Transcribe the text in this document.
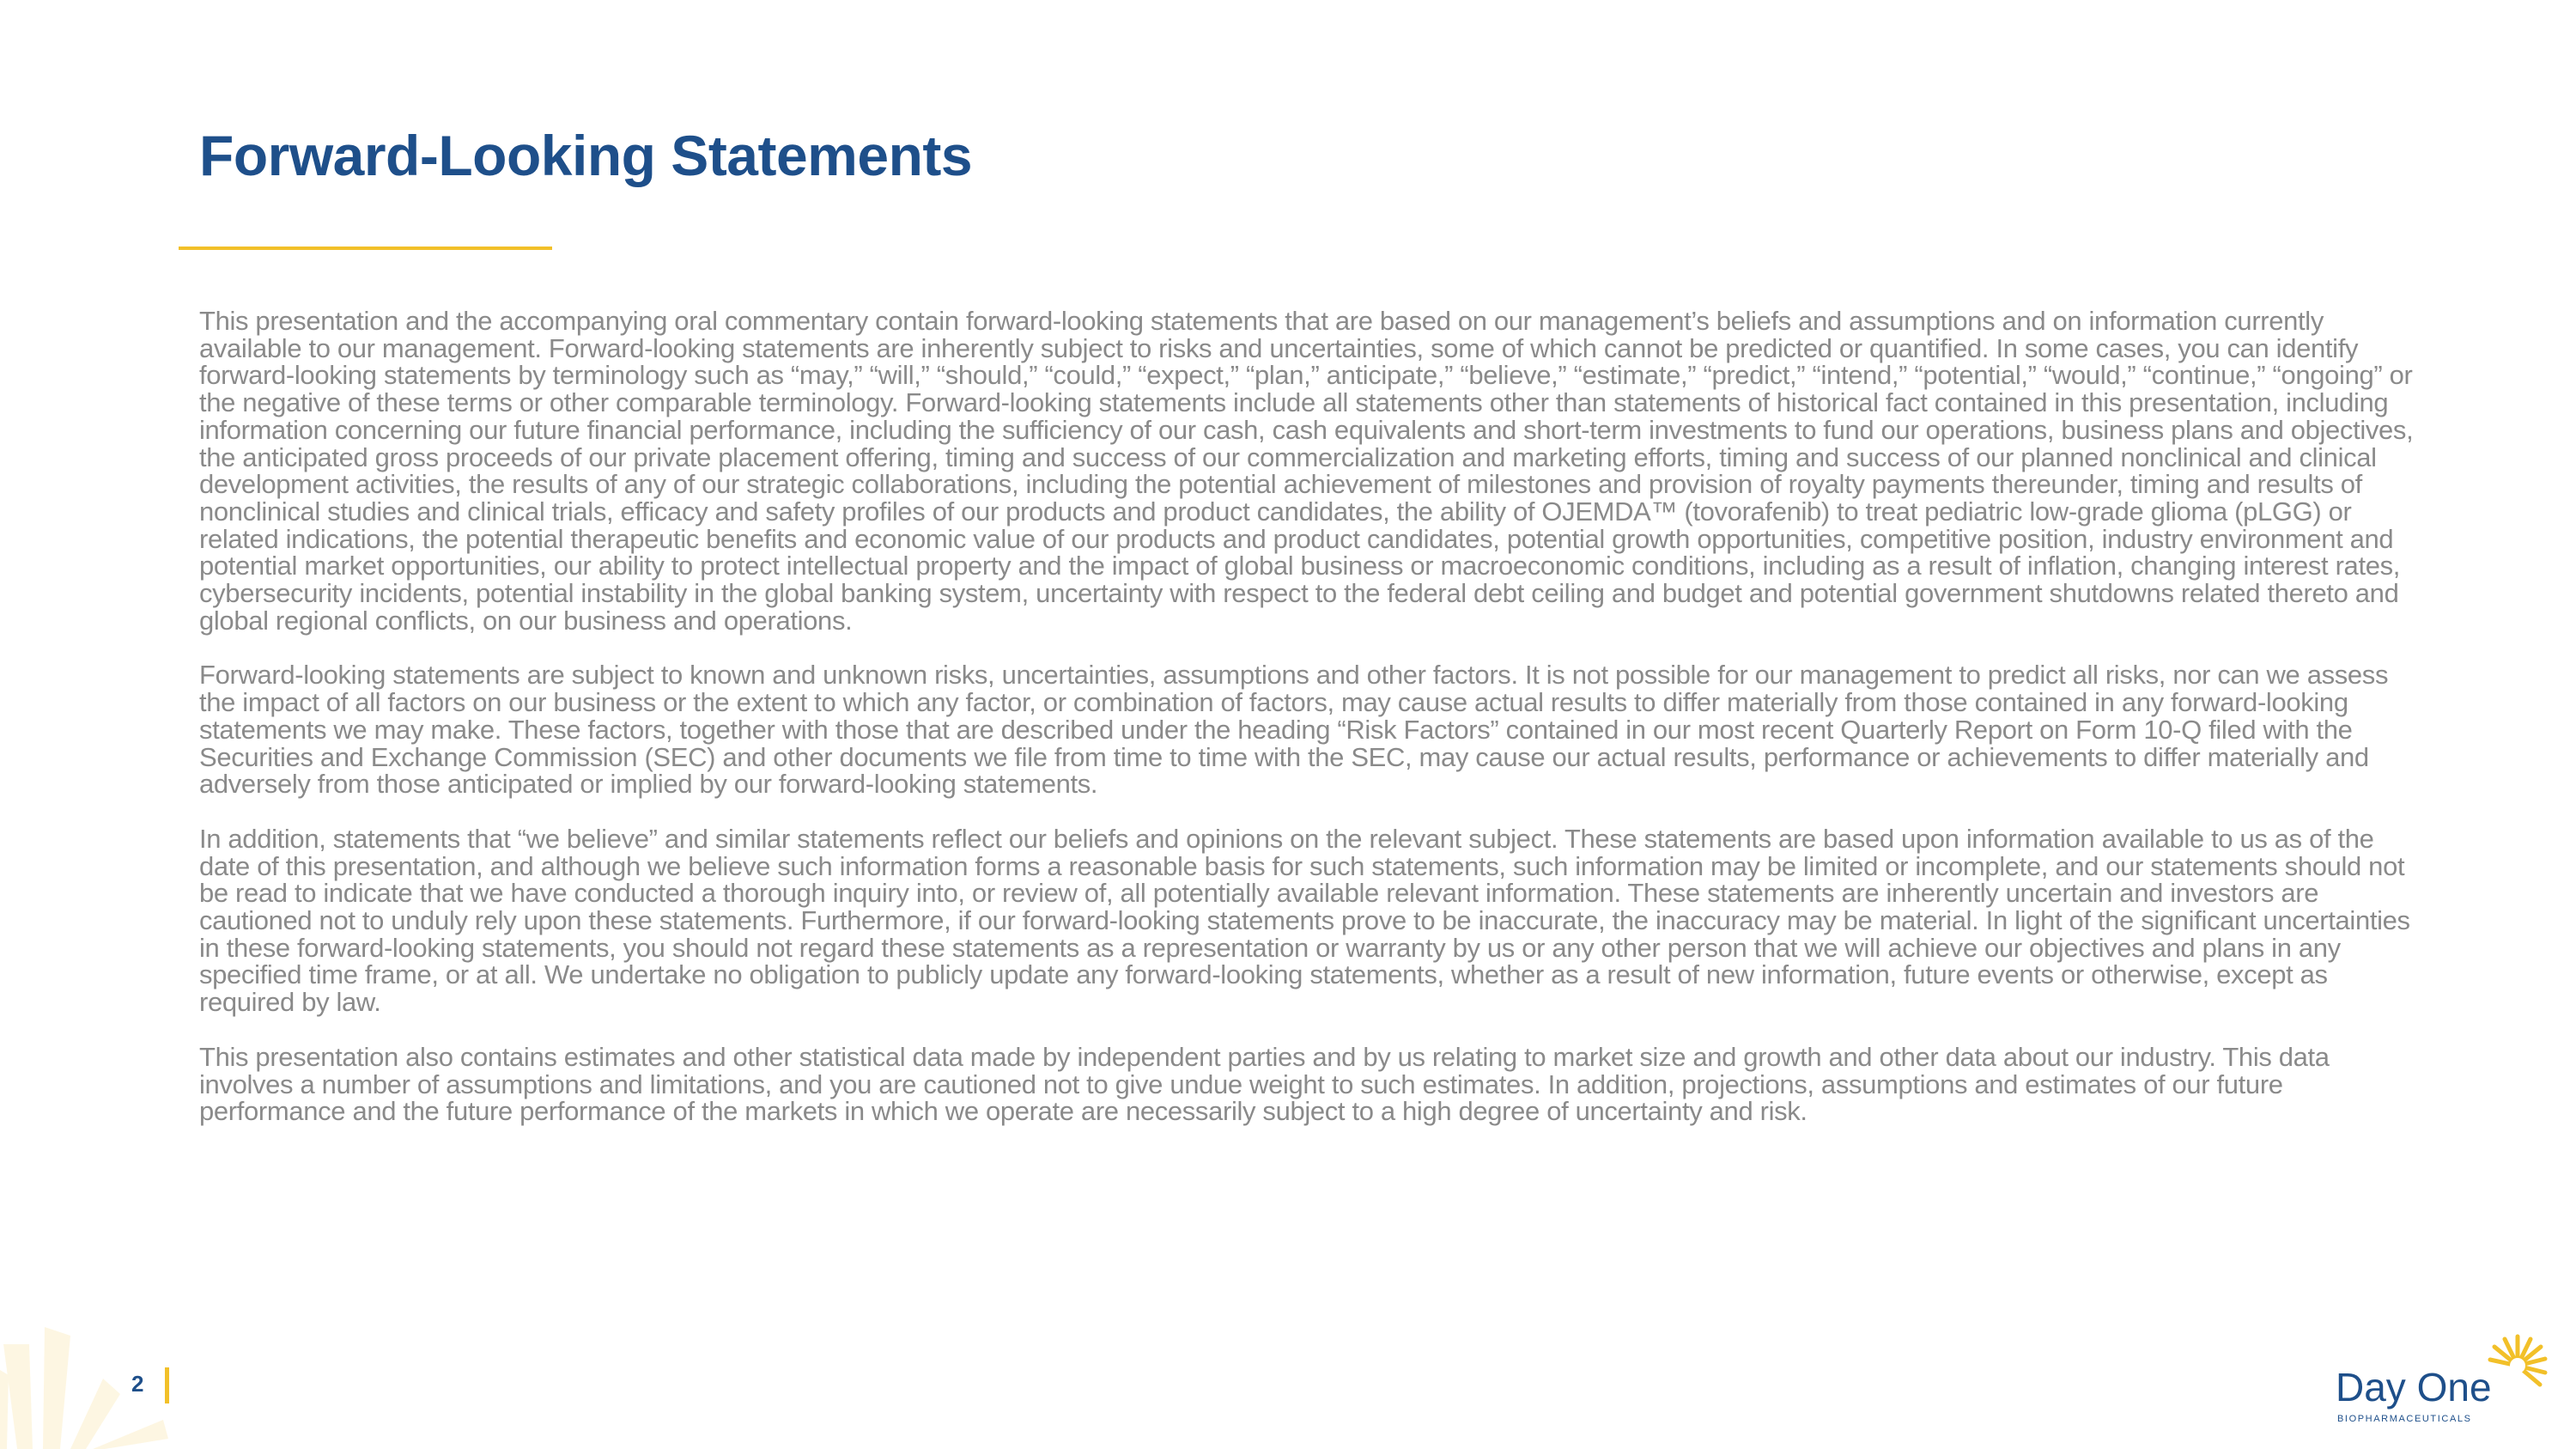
Forward-Looking Statements

This presentation and the accompanying oral commentary contain forward-looking statements that are based on our management’s beliefs and assumptions and on information currently available to our management. Forward-looking statements are inherently subject to risks and uncertainties, some of which cannot be predicted or quantified. In some cases, you can identify forward-looking statements by terminology such as “may,” “will,” “should,” “could,” “expect,” “plan,” anticipate,” “believe,” “estimate,” “predict,” “intend,” “potential,” “would,” “continue,” “ongoing” or the negative of these terms or other comparable terminology. Forward-looking statements include all statements other than statements of historical fact contained in this presentation, including information concerning our future financial performance, including the sufficiency of our cash, cash equivalents and short-term investments to fund our operations, business plans and objectives, the anticipated gross proceeds of our private placement offering, timing and success of our commercialization and marketing efforts, timing and success of our planned nonclinical and clinical development activities, the results of any of our strategic collaborations, including the potential achievement of milestones and provision of royalty payments thereunder, timing and results of nonclinical studies and clinical trials, efficacy and safety profiles of our products and product candidates, the ability of OJEMDA™ (tovorafenib) to treat pediatric low-grade glioma (pLGG) or related indications, the potential therapeutic benefits and economic value of our products and product candidates, potential growth opportunities, competitive position, industry environment and potential market opportunities, our ability to protect intellectual property and the impact of global business or macroeconomic conditions, including as a result of inflation, changing interest rates, cybersecurity incidents, potential instability in the global banking system, uncertainty with respect to the federal debt ceiling and budget and potential government shutdowns related thereto and global regional conflicts, on our business and operations.

Forward-looking statements are subject to known and unknown risks, uncertainties, assumptions and other factors. It is not possible for our management to predict all risks, nor can we assess the impact of all factors on our business or the extent to which any factor, or combination of factors, may cause actual results to differ materially from those contained in any forward-looking statements we may make. These factors, together with those that are described under the heading “Risk Factors” contained in our most recent Quarterly Report on Form 10-Q filed with the Securities and Exchange Commission (SEC) and other documents we file from time to time with the SEC, may cause our actual results, performance or achievements to differ materially and adversely from those anticipated or implied by our forward-looking statements.

In addition, statements that “we believe” and similar statements reflect our beliefs and opinions on the relevant subject. These statements are based upon information available to us as of the date of this presentation, and although we believe such information forms a reasonable basis for such statements, such information may be limited or incomplete, and our statements should not be read to indicate that we have conducted a thorough inquiry into, or review of, all potentially available relevant information. These statements are inherently uncertain and investors are cautioned not to unduly rely upon these statements. Furthermore, if our forward-looking statements prove to be inaccurate, the inaccuracy may be material. In light of the significant uncertainties in these forward-looking statements, you should not regard these statements as a representation or warranty by us or any other person that we will achieve our objectives and plans in any specified time frame, or at all. We undertake no obligation to publicly update any forward-looking statements, whether as a result of new information, future events or otherwise, except as required by law.

This presentation also contains estimates and other statistical data made by independent parties and by us relating to market size and growth and other data about our industry. This data involves a number of assumptions and limitations, and you are cautioned not to give undue weight to such estimates. In addition, projections, assumptions and estimates of our future performance and the future performance of the markets in which we operate are necessarily subject to a high degree of uncertainty and risk.

2	Day One
BIOPHARMACEUTICALS
